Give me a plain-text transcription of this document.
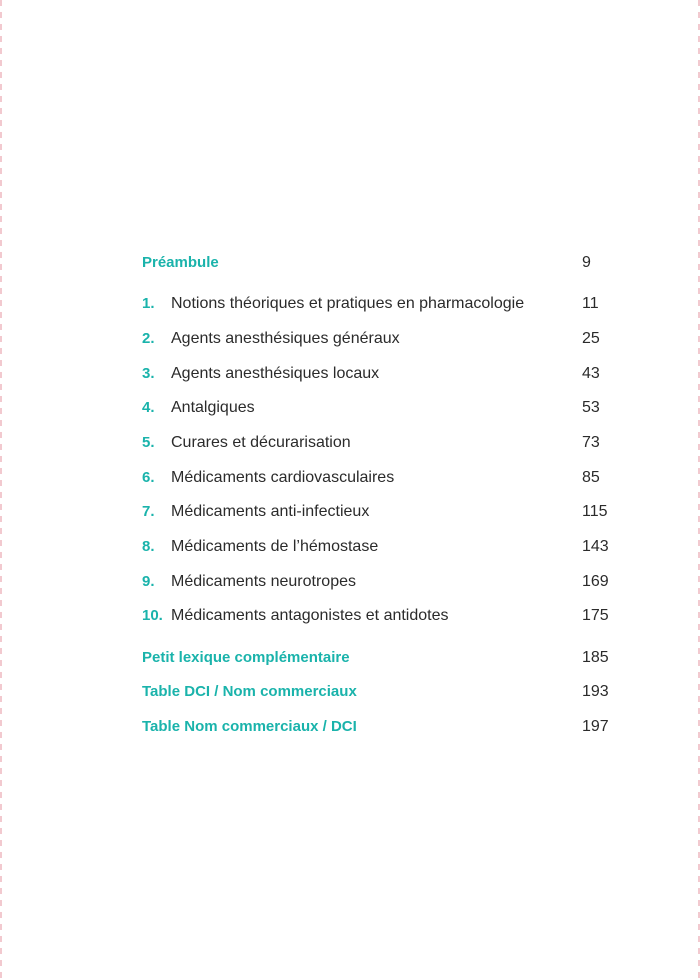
Préambule	9
1. Notions théoriques et pratiques en pharmacologie	11
2. Agents anesthésiques généraux	25
3. Agents anesthésiques locaux	43
4. Antalgiques	53
5. Curares et décurarisation	73
6. Médicaments cardiovasculaires	85
7. Médicaments anti-infectieux	115
8. Médicaments de l’hémostase	143
9. Médicaments neurotropes	169
10. Médicaments antagonistes et antidotes	175
Petit lexique complémentaire	185
Table DCI / Nom commerciaux	193
Table Nom commerciaux / DCI	197
